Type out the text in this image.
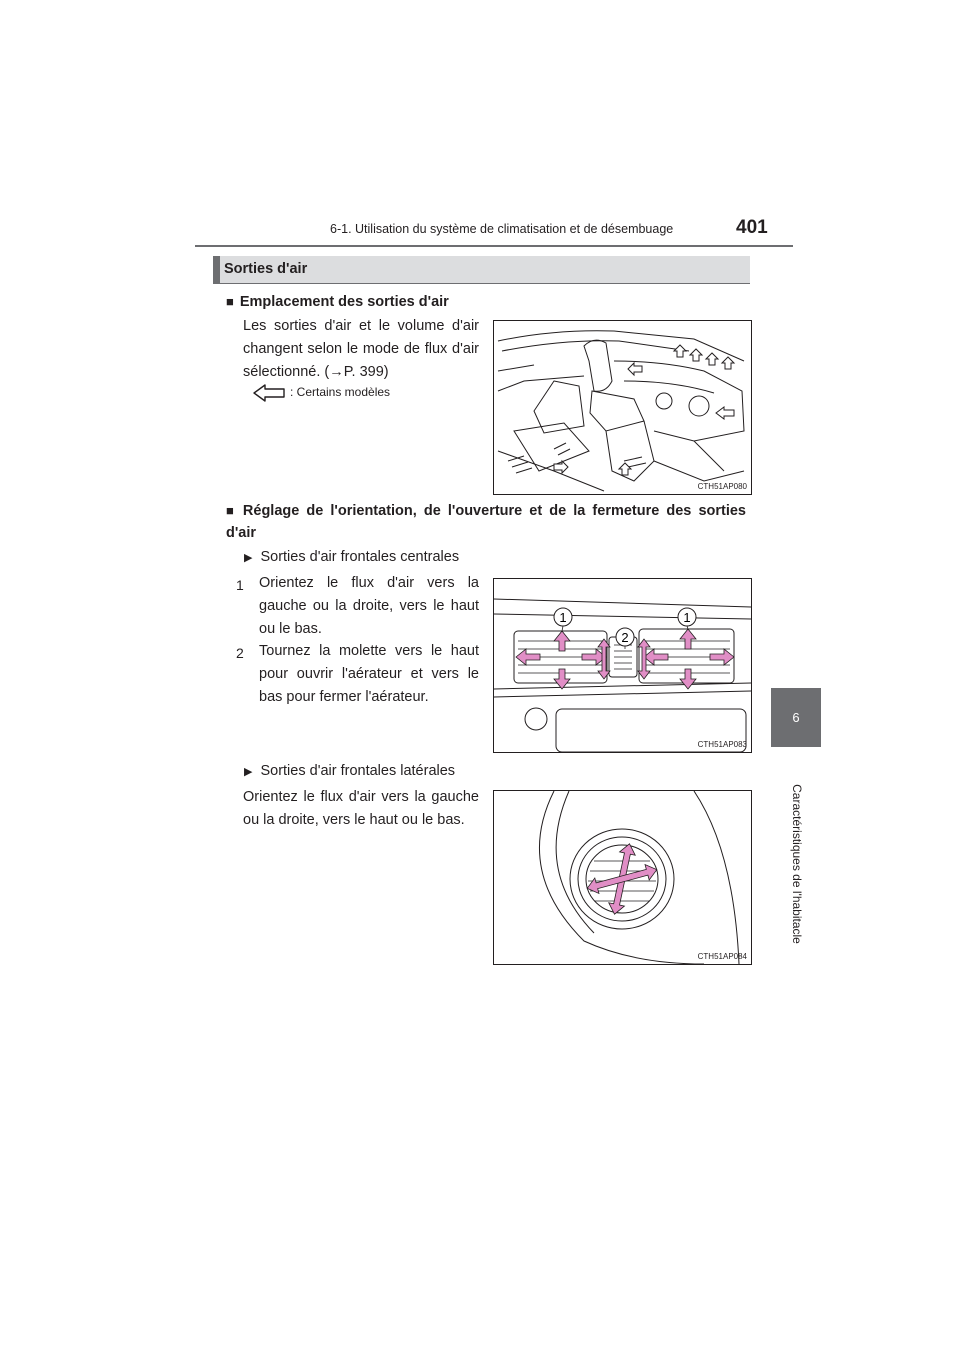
6-1. Utilisation du système de climatisation et de désembuage	401
6
Caractéristiques de l'habitacle
Sorties d'air
■ Emplacement des sorties d'air
Les sorties d'air et le volume d'air changent selon le mode de flux d'air sélectionné. (→P. 399)
: Certains modèles
CTH51AP080
■ Réglage de l'orientation, de l'ouverture et de la fermeture des sorties d'air
▶ Sorties d'air frontales centrales
1 Orientez le flux d'air vers la gauche ou la droite, vers le haut ou le bas.
2 Tournez la molette vers le haut pour ouvrir l'aérateur et vers le bas pour fermer l'aérateur.
1	1
2
CTH51AP083
▶ Sorties d'air frontales latérales
Orientez le flux d'air vers la gauche ou la droite, vers le haut ou le bas.
CTH51AP084
